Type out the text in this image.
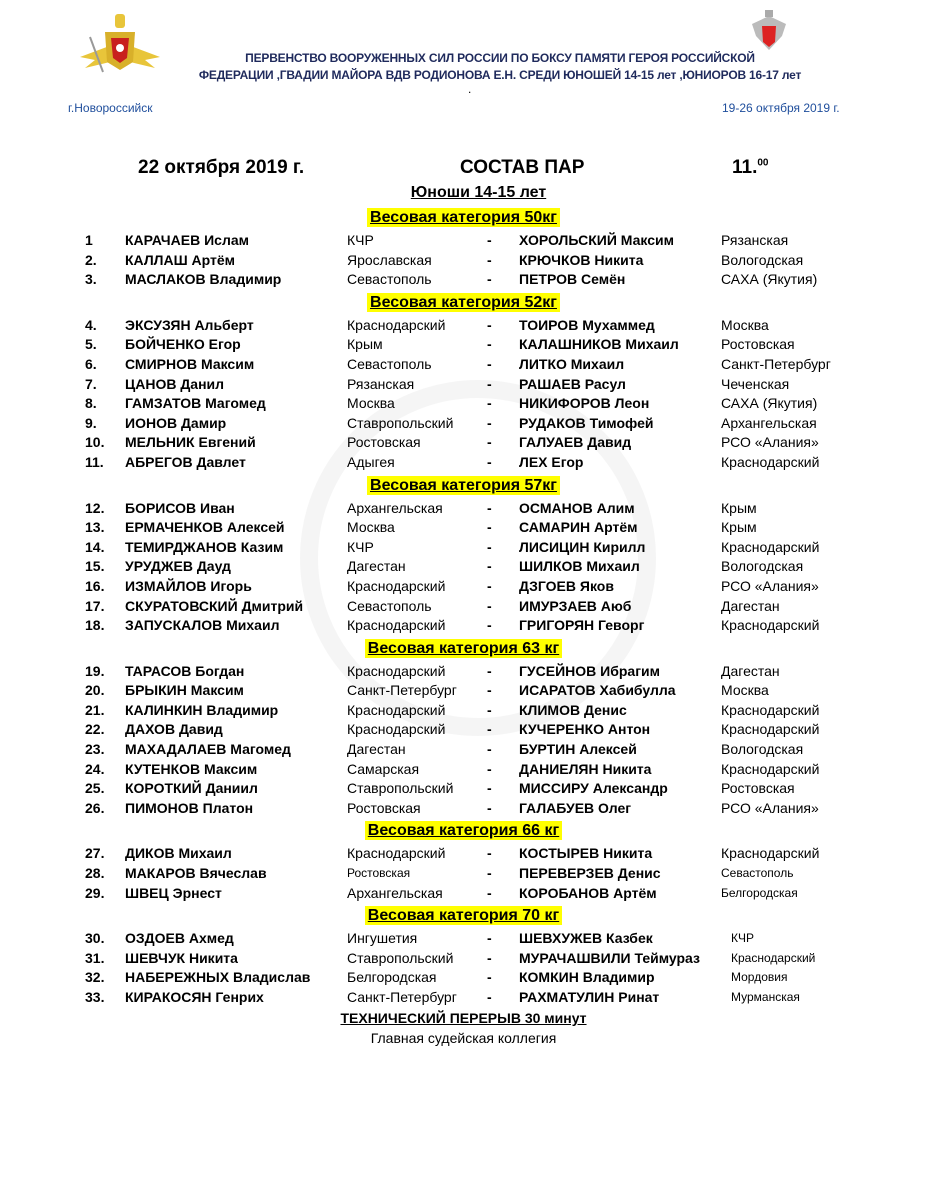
ПЕРВЕНСТВО ВООРУЖЕННЫХ СИЛ РОССИИ ПО БОКСУ ПАМЯТИ ГЕРОЯ РОССИЙСКОЙ
ФЕДЕРАЦИИ ,ГВАДИИ МАЙОРА ВДВ РОДИОНОВА Е.Н. СРЕДИ ЮНОШЕЙ 14-15 лет ,ЮНИОРОВ 16-17 лет
.
г.Новороссийск	19-26 октября 2019 г.
22 октября 2019 г.	СОСТАВ ПАР	11.00
Юноши 14-15 лет
Весовая категория 50кг
1 КАРАЧАЕВ Ислам	КЧР	- ХОРОЛЬСКИЙ Максим	Рязанская
2. КАЛЛАШ Артём	Ярославская	- КРЮЧКОВ Никита	Вологодская
3. МАСЛАКОВ Владимир	Севастополь	- ПЕТРОВ Семён	САХА (Якутия)
Весовая категория 52кг
4. ЭКСУЗЯН Альберт	Краснодарский	- ТОИРОВ Мухаммед	Москва
5. БОЙЧЕНКО Егор	Крым	- КАЛАШНИКОВ Михаил	Ростовская
6. СМИРНОВ Максим	Севастополь	- ЛИТКО Михаил	Санкт-Петербург
7. ЦАНОВ Данил	Рязанская	- РАШАЕВ Расул	Чеченская
8. ГАМЗАТОВ Магомед	Москва	- НИКИФОРОВ Леон	САХА (Якутия)
9. ИОНОВ Дамир	Ставропольский - РУДАКОВ Тимофей	Архангельская
10. МЕЛЬНИК Евгений	Ростовская	- ГАЛУАЕВ Давид	РСО «Алания»
11. АБРЕГОВ Давлет	Адыгея	- ЛЕХ Егор	Краснодарский
Весовая категория 57кг
12. БОРИСОВ Иван	Архангельская	- ОСМАНОВ Алим	Крым
13. ЕРМАЧЕНКОВ Алексей	Москва	- САМАРИН Артём	Крым
14. ТЕМИРДЖАНОВ Казим	КЧР	- ЛИСИЦИН Кирилл	Краснодарский
15. УРУДЖЕВ Дауд	Дагестан	- ШИЛКОВ Михаил	Вологодская
16. ИЗМАЙЛОВ Игорь	Краснодарский	- ДЗГОЕВ Яков	РСО «Алания»
17. СКУРАТОВСКИЙ Дмитрий	Севастополь	- ИМУРЗАЕВ Аюб	Дагестан
18. ЗАПУСКАЛОВ Михаил	Краснодарский	- ГРИГОРЯН Геворг	Краснодарский
Весовая категория 63 кг
19. ТАРАСОВ Богдан	Краснодарский	- ГУСЕЙНОВ Ибрагим	Дагестан
20. БРЫКИН Максим	Санкт-Петербург - ИСАРАТОВ Хабибулла	Москва
21. КАЛИНКИН Владимир	Краснодарский	- КЛИМОВ Денис	Краснодарский
22. ДАХОВ Давид	Краснодарский	- КУЧЕРЕНКО Антон	Краснодарский
23. МАХАДАЛАЕВ Магомед	Дагестан	- БУРТИН Алексей	Вологодская
24. КУТЕНКОВ Максим	Самарская	- ДАНИЕЛЯН Никита	Краснодарский
25. КОРОТКИЙ Даниил	Ставропольский - МИССИРУ Александр	Ростовская
26. ПИМОНОВ Платон	Ростовская	- ГАЛАБУЕВ Олег	РСО «Алания»
Весовая категория 66 кг
27. ДИКОВ Михаил	Краснодарский	- КОСТЫРЕВ Никита	Краснодарский
28. МАКАРОВ Вячеслав	Ростовская	- ПЕРЕВЕРЗЕВ Денис	Севастополь
29. ШВЕЦ Эрнест	Архангельская	- КОРОБАНОВ Артём	Белгородская
Весовая категория 70 кг
30. ОЗДОЕВ Ахмед	Ингушетия	- ШЕВХУЖЕВ Казбек	КЧР
31. ШЕВЧУК Никита	Ставропольский - МУРАЧАШВИЛИ Теймураз	Краснодарский
32. НАБЕРЕЖНЫХ Владислав	Белгородская	- КОМКИН Владимир	Мордовия
33. КИРАКОСЯН Генрих	Санкт-Петербург - РАХМАТУЛИН Ринат	Мурманская
ТЕХНИЧЕСКИЙ ПЕРЕРЫВ 30 минут
Главная судейская коллегия
